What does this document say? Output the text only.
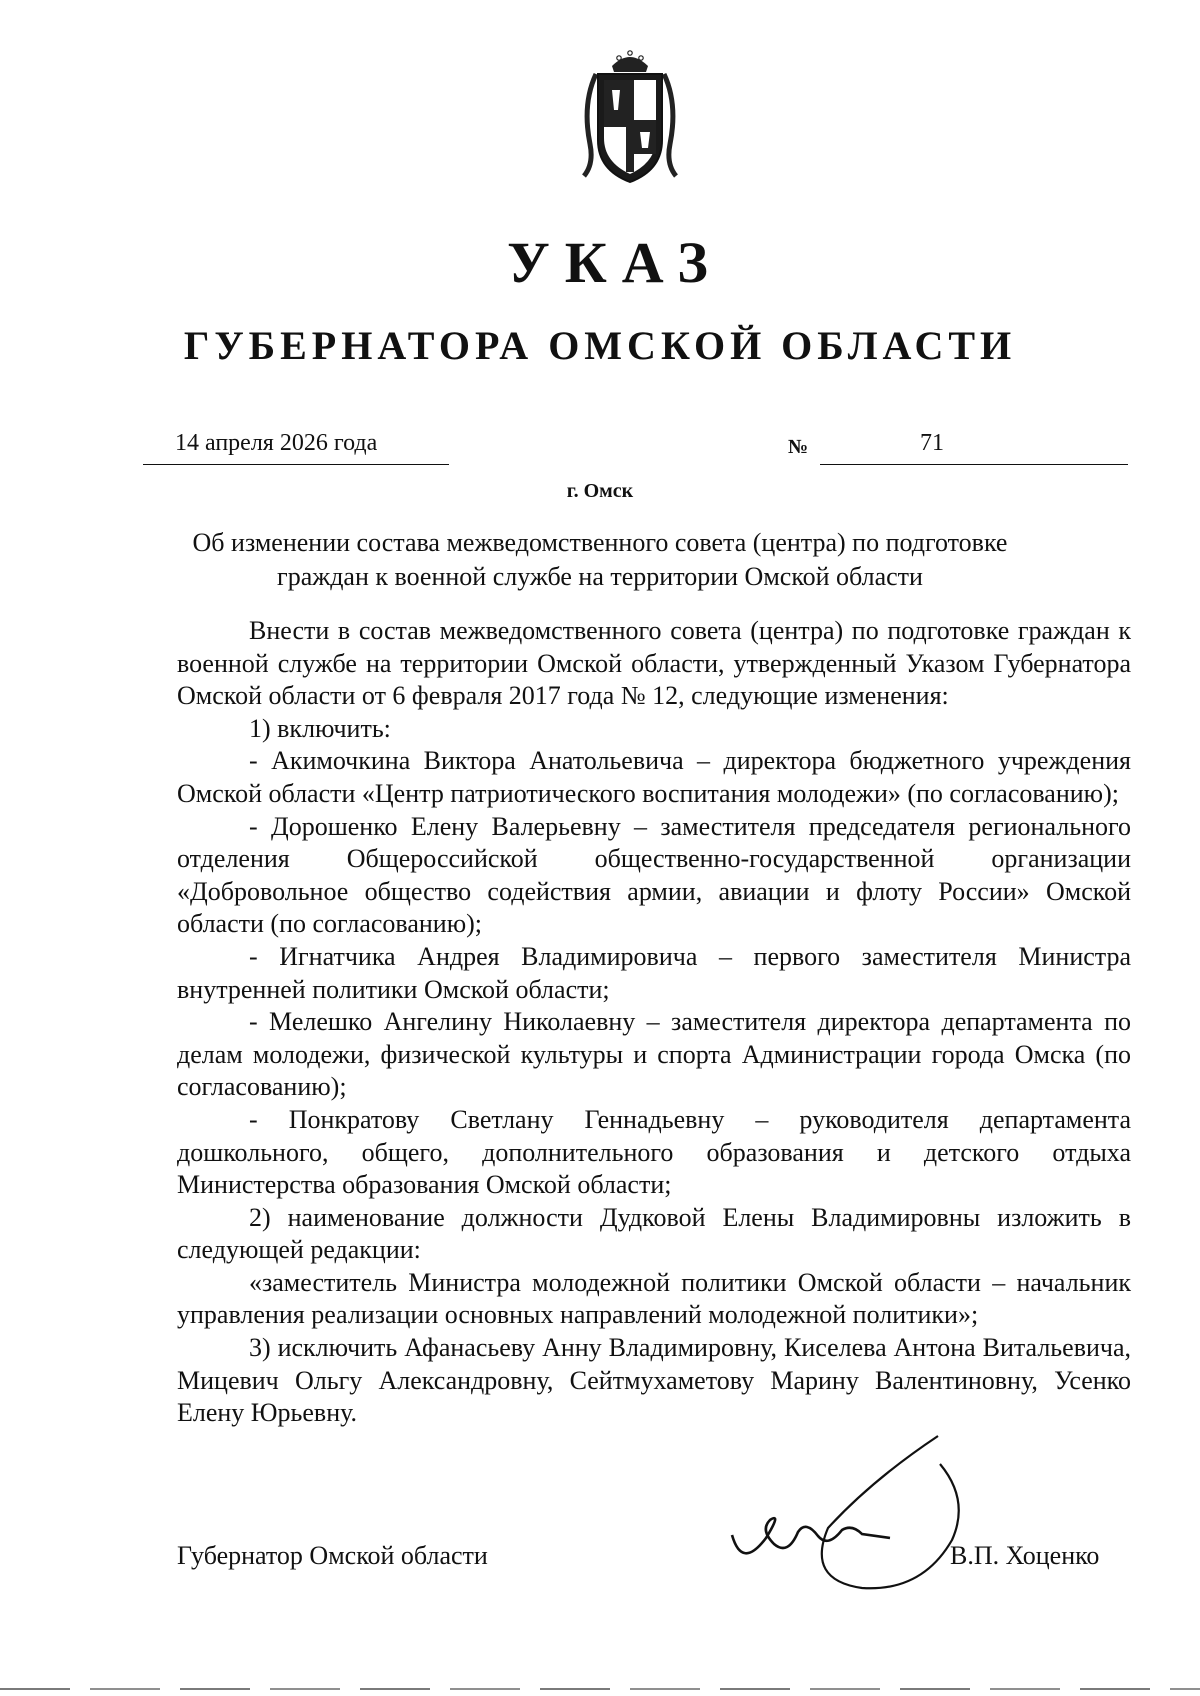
УКАЗ
ГУБЕРНАТОРА ОМСКОЙ ОБЛАСТИ
14 апреля 2026 года	№	71
г. Омск
Об изменении состава межведомственного совета (центра) по подготовке
граждан к военной службе на территории Омской области

Внести в состав межведомственного совета (центра) по подготовке граждан к военной службе на территории Омской области, утвержденный Указом Губернатора Омской области от 6 февраля 2017 года № 12, следующие изменения:

1) включить:

- Акимочкина Виктора Анатольевича – директора бюджетного учреждения Омской области «Центр патриотического воспитания молодежи» (по согласованию);

- Дорошенко Елену Валерьевну – заместителя председателя регионального отделения Общероссийской общественно-государственной организации «Добровольное общество содействия армии, авиации и флоту России» Омской области (по согласованию);

- Игнатчика Андрея Владимировича – первого заместителя Министра внутренней политики Омской области;

- Мелешко Ангелину Николаевну – заместителя директора департамента по делам молодежи, физической культуры и спорта Администрации города Омска (по согласованию);

- Понкратову Светлану Геннадьевну – руководителя департамента дошкольного, общего, дополнительного образования и детского отдыха Министерства образования Омской области;

2) наименование должности Дудковой Елены Владимировны изложить в следующей редакции:

«заместитель Министра молодежной политики Омской области – начальник управления реализации основных направлений молодежной политики»;

3) исключить Афанасьеву Анну Владимировну, Киселева Антона Витальевича, Мицевич Ольгу Александровну, Сейтмухаметову Марину Валентиновну, Усенко Елену Юрьевну.

Губернатор Омской области	В.П. Хоценко
